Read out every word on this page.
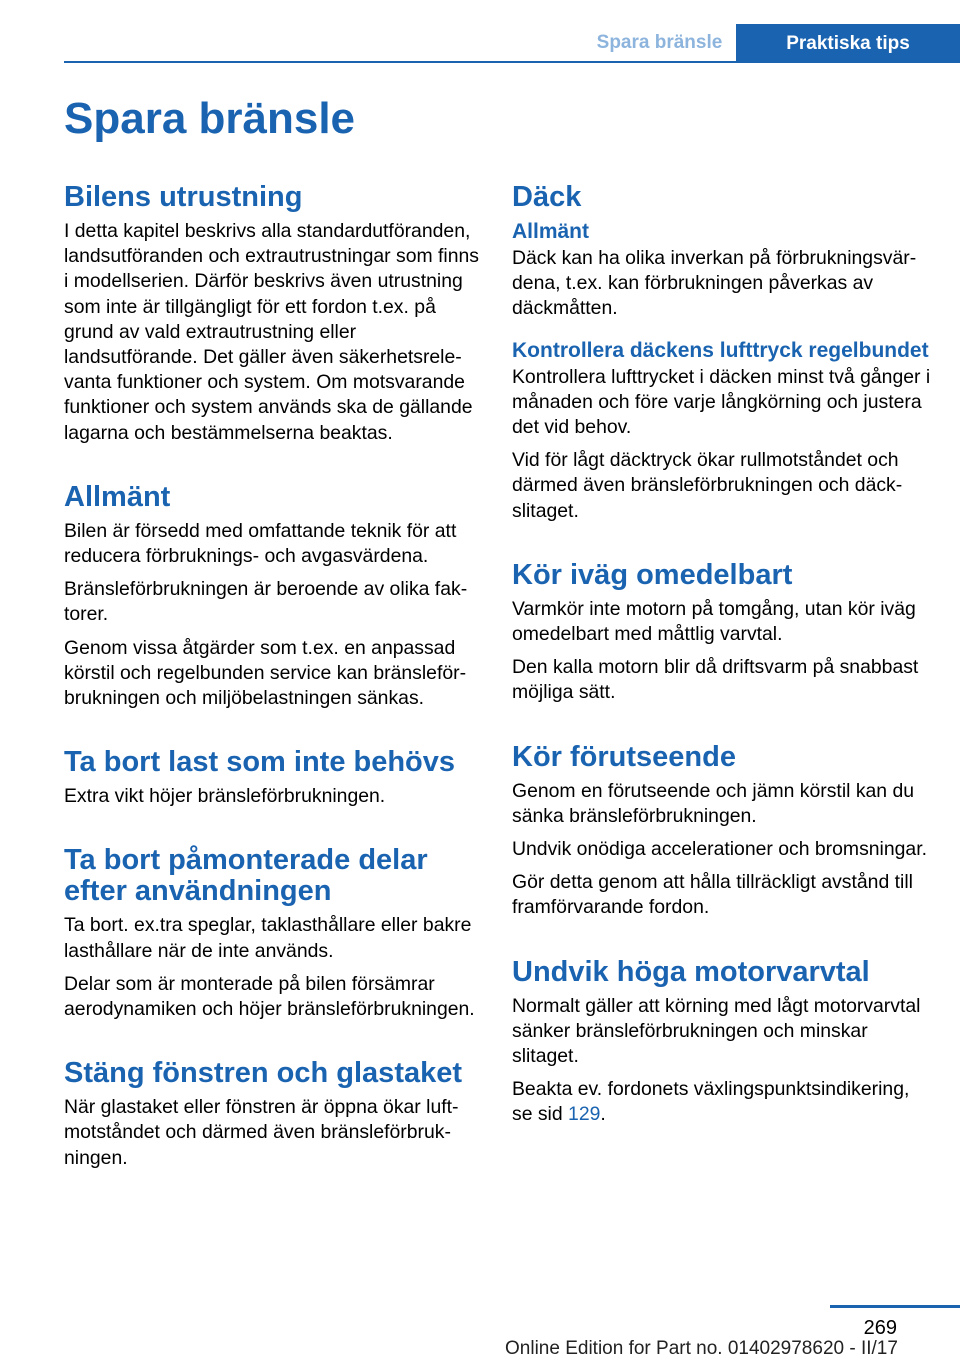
Spara bränsle	Praktiska tips
Spara bränsle
Bilens utrustning

I detta kapitel beskrivs alla standardutföranden, landsutföranden och extrautrustningar som finns i modellserien. Därför beskrivs även utrustning som inte är tillgängligt för ett fordon t.ex. på grund av vald extrautrustning eller landsutförande. Det gäller även säkerhetsrelevanta funktioner och system. Om motsvarande funktioner och system används ska de gällande lagarna och bestämmelserna beaktas.

Allmänt

Bilen är försedd med omfattande teknik för att reducera förbruknings- och avgasvärdena.

Bränsleförbrukningen är beroende av olika faktorer.

Genom vissa åtgärder som t.ex. en anpassad körstil och regelbunden service kan bränsleförbrukningen och miljöbelastningen sänkas.

Ta bort last som inte behövs

Extra vikt höjer bränsleförbrukningen.

Ta bort påmonterade delar efter användningen

Ta bort. ex.tra speglar, taklasthållare eller bakre lasthållare när de inte används.

Delar som är monterade på bilen försämrar aerodynamiken och höjer bränsleförbrukningen.

Stäng fönstren och glastaket

När glastaket eller fönstren är öppna ökar luftmotståndet och därmed även bränsleförbrukningen.

Däck
Allmänt

Däck kan ha olika inverkan på förbrukningsvärdena, t.ex. kan förbrukningen påverkas av däckmåtten.

Kontrollera däckens lufttryck regelbundet

Kontrollera lufttrycket i däcken minst två gånger i månaden och före varje långkörning och justera det vid behov.

Vid för lågt däcktryck ökar rullmotståndet och därmed även bränsleförbrukningen och däckslitaget.

Kör iväg omedelbart

Varmkör inte motorn på tomgång, utan kör iväg omedelbart med måttlig varvtal.

Den kalla motorn blir då driftsvarm på snabbast möjliga sätt.

Kör förutseende

Genom en förutseende och jämn körstil kan du sänka bränsleförbrukningen.

Undvik onödiga accelerationer och bromsningar.

Gör detta genom att hålla tillräckligt avstånd till framförvarande fordon.

Undvik höga motorvarvtal

Normalt gäller att körning med lågt motorvarvtal sänker bränsleförbrukningen och minskar slitaget.

Beakta ev. fordonets växlingspunktsindikering, se sid 129.

269
Online Edition for Part no. 01402978620 - II/17
